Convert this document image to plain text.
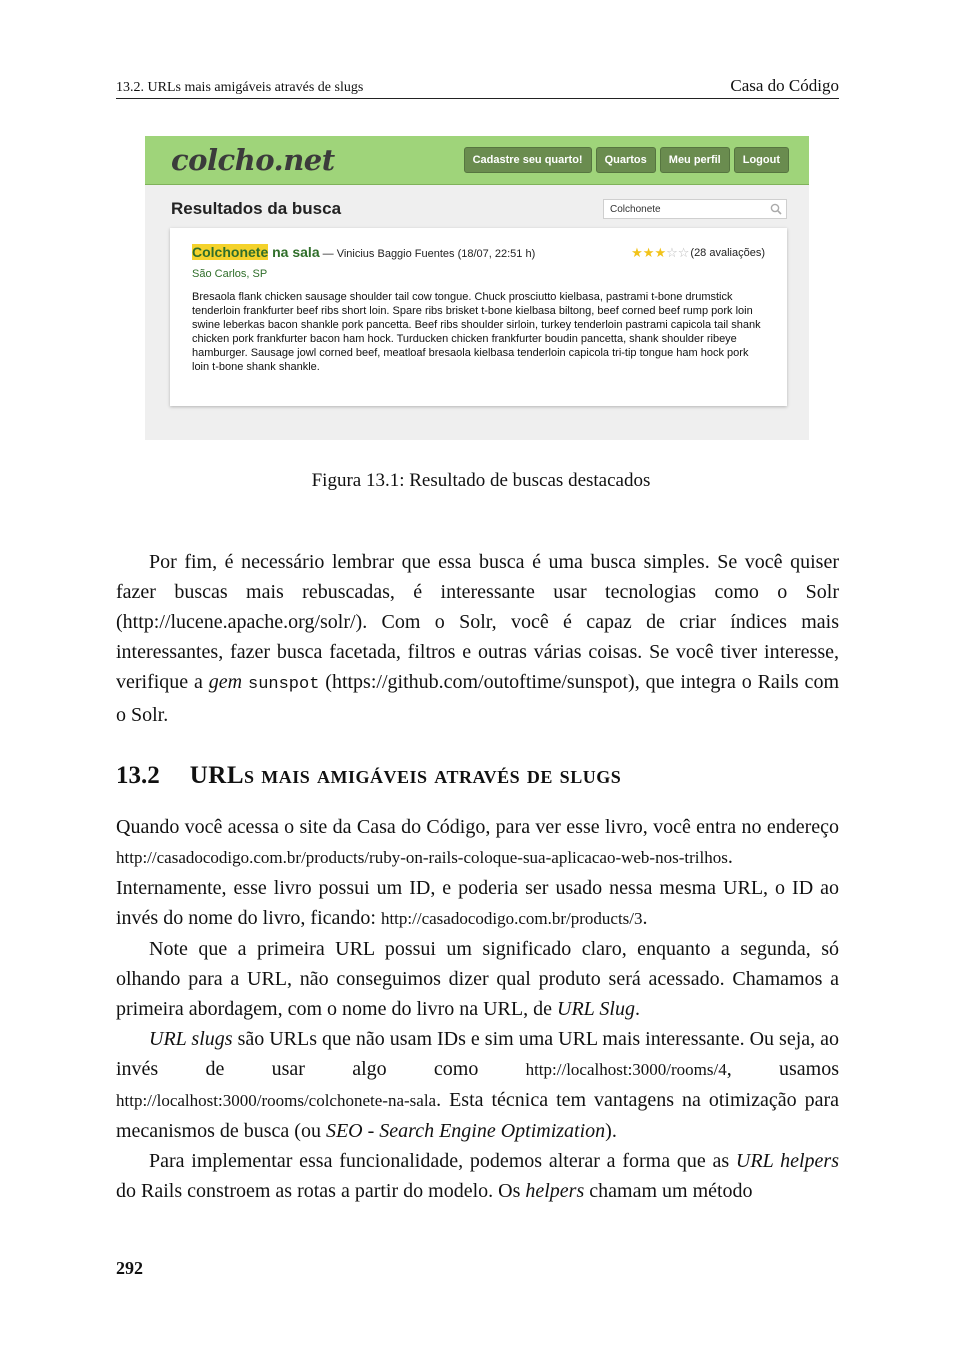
13.2. URLs mais amigáveis através de slugs	Casa do Código
colcho.net	Cadastre seu quarto!	Quartos	Meu perfil	Logout
Resultados da busca	Colchonete
Colchonete na sala — Vinicius Baggio Fuentes (18/07, 22:51 h)	★★★☆☆ (28 avaliações)
São Carlos, SP
Bresaola flank chicken sausage shoulder tail cow tongue. Chuck prosciutto kielbasa, pastrami t-bone drumstick tenderloin frankfurter beef ribs short loin. Spare ribs brisket t-bone kielbasa biltong, beef corned beef rump pork loin swine leberkas bacon shankle pork pancetta. Beef ribs shoulder sirloin, turkey tenderloin pastrami capicola tail shank chicken pork frankfurter bacon ham hock. Turducken chicken frankfurter boudin pancetta, shank shoulder ribeye hamburger. Sausage jowl corned beef, meatloaf bresaola kielbasa tenderloin capicola tri-tip tongue ham hock pork loin t-bone shank shankle.
Figura 13.1: Resultado de buscas destacados
Por fim, é necessário lembrar que essa busca é uma busca simples. Se você quiser fazer buscas mais rebuscadas, é interessante usar tecnologias como o Solr (http://lucene.apache.org/solr/). Com o Solr, você é capaz de criar índices mais interessantes, fazer busca facetada, filtros e outras várias coisas. Se você tiver interesse, verifique a gem sunspot (https://github.com/outoftime/sunspot), que integra o Rails com o Solr.
13.2 URLs mais amigáveis através de slugs

Quando você acessa o site da Casa do Código, para ver esse livro, você entra no endereço http://casadocodigo.com.br/products/ruby-on-rails-coloque-sua-aplicacao-web-nos-trilhos. Internamente, esse livro possui um ID, e poderia ser usado nessa mesma URL, o ID ao invés do nome do livro, ficando: http://casadocodigo.com.br/products/3.

Note que a primeira URL possui um significado claro, enquanto a segunda, só olhando para a URL, não conseguimos dizer qual produto será acessado. Chamamos a primeira abordagem, com o nome do livro na URL, de URL Slug.

URL slugs são URLs que não usam IDs e sim uma URL mais interessante. Ou seja, ao invés de usar algo como http://localhost:3000/rooms/4, usamos http://localhost:3000/rooms/colchonete-na-sala. Esta técnica tem vantagens na otimização para mecanismos de busca (ou SEO - Search Engine Optimization).

Para implementar essa funcionalidade, podemos alterar a forma que as URL helpers do Rails constroem as rotas a partir do modelo. Os helpers chamam um método

292
